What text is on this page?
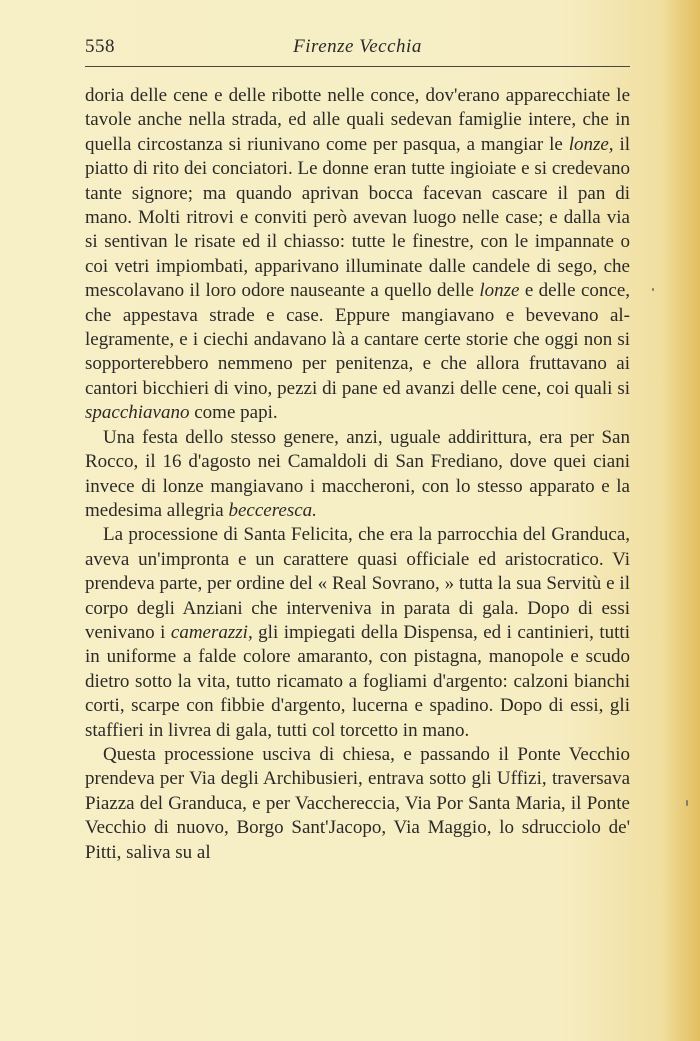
558	Firenze Vecchia

doria delle cene e delle ribotte nelle conce, dov'erano apparecchiate le tavole anche nella strada, ed alle quali sedevan famiglie intere, che in quella circostanza si riunivano come per pasqua, a mangiar le lonze, il piatto di rito dei conciatori. Le donne eran tutte ingioiate e si credevano tante signore; ma quando aprivan bocca facevan cascare il pan di mano. Molti ritrovi e conviti però avevan luogo nelle case; e dalla via si sentivan le risate ed il chiasso: tutte le finestre, con le impannate o coi vetri impiombati, apparivano illuminate dalle candele di sego, che mescolavano il loro odore nauseante a quello delle lonze e delle conce, che appestava strade e case. Eppure mangiavano e bevevano allegramente, e i ciechi andavano là a cantare certe storie che oggi non si sopporterebbero nemmeno per penitenza, e che allora fruttavano ai cantori bicchieri di vino, pezzi di pane ed avanzi delle cene, coi quali si spacchiavano come papi.

Una festa dello stesso genere, anzi, uguale addirittura, era per San Rocco, il 16 d'agosto nei Camaldoli di San Frediano, dove quei ciani invece di lonze mangiavano i maccheroni, con lo stesso apparato e la medesima allegria becceresca.

La processione di Santa Felicita, che era la parrocchia del Granduca, aveva un'impronta e un carattere quasi officiale ed aristocratico. Vi prendeva parte, per ordine del « Real Sovrano, » tutta la sua Servitù e il corpo degli Anziani che interveniva in parata di gala. Dopo di essi venivano i camerazzi, gli impiegati della Dispensa, ed i cantinieri, tutti in uniforme a falde colore amaranto, con pistagna, manopole e scudo dietro sotto la vita, tutto ricamato a fogliami d'argento: calzoni bianchi corti, scarpe con fibbie d'argento, lucerna e spadino. Dopo di essi, gli staffieri in livrea di gala, tutti col torcetto in mano.

Questa processione usciva di chiesa, e passando il Ponte Vecchio prendeva per Via degli Archibusieri, entrava sotto gli Uffizi, traversava Piazza del Granduca, e per Vacchereccia, Via Por Santa Maria, il Ponte Vecchio di nuovo, Borgo Sant'Jacopo, Via Maggio, lo sdrucciolo de' Pitti, saliva su al
